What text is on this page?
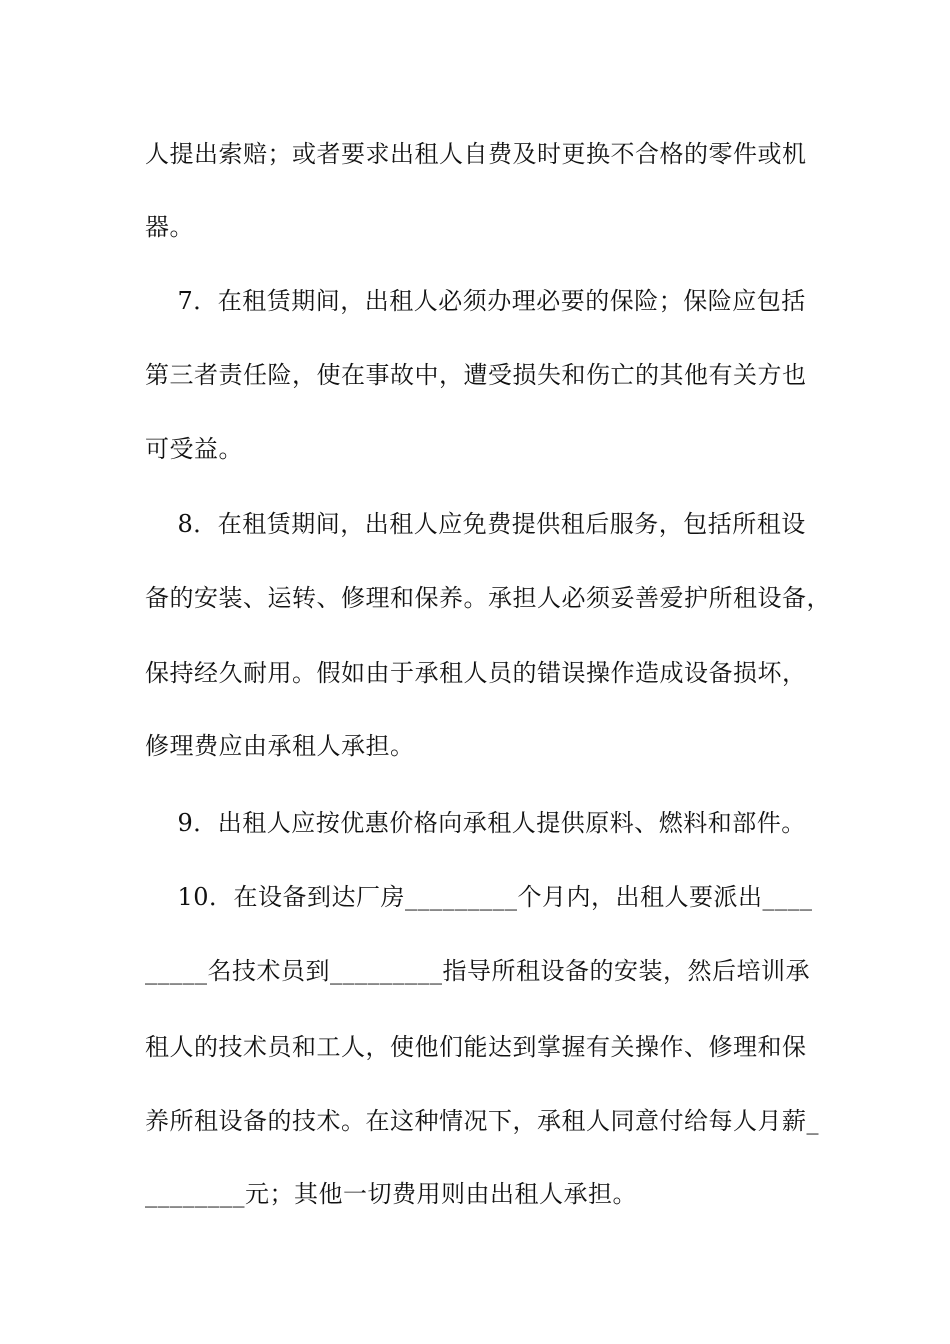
人提出索赔；或者要求出租人自费及时更换不合格的零件或机
器。
7．在租赁期间，出租人必须办理必要的保险；保险应包括
第三者责任险，使在事故中，遭受损失和伤亡的其他有关方也
可受益。
8．在租赁期间，出租人应免费提供租后服务，包括所租设
备的安装、运转、修理和保养。承担人必须妥善爱护所租设备，
保持经久耐用。假如由于承租人员的错误操作造成设备损坏，
修理费应由承租人承担。
9．出租人应按优惠价格向承租人提供原料、燃料和部件。
10．在设备到达厂房_________个月内，出租人要派出____
_____名技术员到_________指导所租设备的安装，然后培训承
租人的技术员和工人，使他们能达到掌握有关操作、修理和保
养所租设备的技术。在这种情况下，承租人同意付给每人月薪_
________元；其他一切费用则由出租人承担。
